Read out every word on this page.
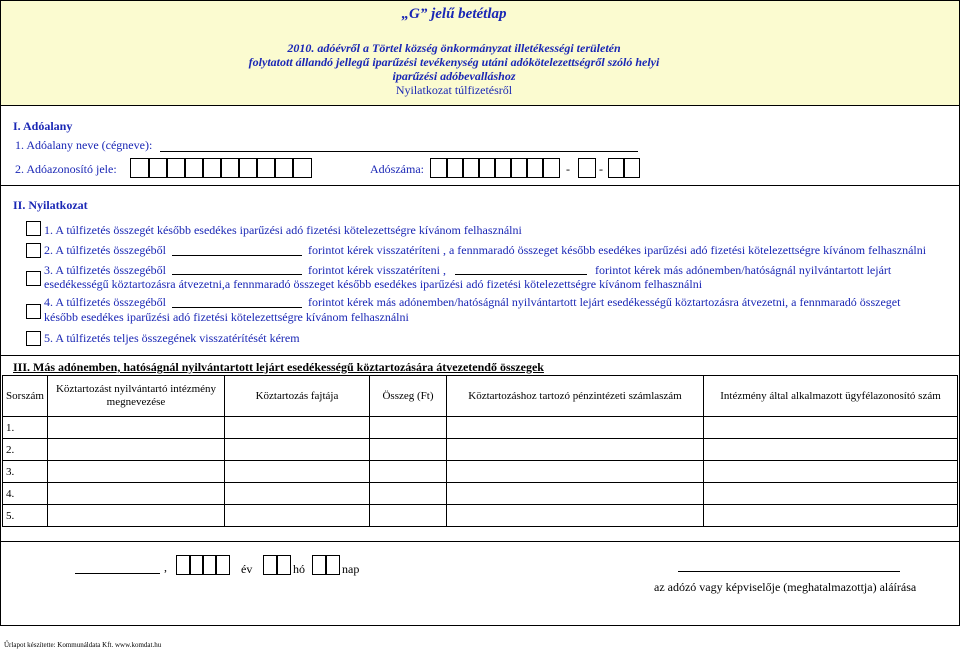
„G” jelű betétlap
2010. adóévről a Törtel község önkormányzat illetékességi területén
folytatott állandó jellegű iparűzési tevékenység utáni adókötelezettségről szóló helyi
iparűzési adóbevalláshoz
Nyilatkozat túlfizetésről
I. Adóalany
1. Adóalany neve (cégneve):
2. Adóazonosító jele:	Adószáma:	- -
II. Nyilatkozat
1. A túlfizetés összegét később esedékes iparűzési adó fizetési kötelezettségre kívánom felhasználni
2. A túlfizetés összegéből	forintot kérek visszatéríteni , a fennmaradó összeget később esedékes iparűzési adó fizetési kötelezettségre kívánom felhasználni
3. A túlfizetés összegéből	forintot kérek visszatéríteni ,	forintot kérek más adónemben/hatóságnál nyilvántartott lejárt
esedékességű köztartozásra átvezetni,a fennmaradó összeget később esedékes iparűzési adó fizetési kötelezettségre kívánom felhasználni
4. A túlfizetés összegéből	forintot kérek más adónemben/hatóságnál nyilvántartott lejárt esedékességű köztartozásra átvezetni, a fennmaradó összeget
később esedékes iparűzési adó fizetési kötelezettségre kívánom felhasználni
5. A túlfizetés teljes összegének visszatérítését kérem
III. Más adónemben, hatóságnál nyilvántartott lejárt esedékességű köztartozására átvezetendő összegek
Sorszám	Köztartozást nyilvántartó intézmény megnevezése	Köztartozás fajtája	Összeg (Ft)	Köztartozáshoz tartozó pénzintézeti számlaszám	Intézmény által alkalmazott ügyfélazonosító szám
1.					
2.					
3.					
4.					
5.					
,	év	hó	nap
az adózó vagy képviselője (meghatalmazottja) aláírása
Űrlapot készítette: Kommunáldata Kft. www.komdat.hu
